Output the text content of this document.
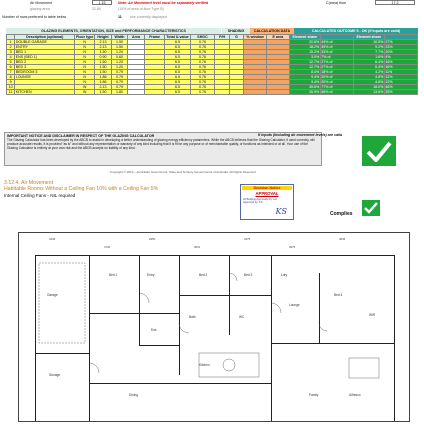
Air Movement	1.15	Note: Air Movement level must be separately verified
glazing area	22.80	(15% of area of floor Type B)
C(area) floor	17.2
Number of rows preferred to table below	11 use currently displayed
GLAZING ELEMENTS, ORIENTATION, SIZE and PERFORMANCE CHARACTERISTICS	SHADING	CALCULATION DATA	CALCULATED OUTCOME 5 - OK (if inputs are valid)
	Description (optional)	Floor type	Height	Width	Area	Frame	Total U-value	SHGC	P/H	G	% window	E area	Element share		Element share	
1	DOUBLE GARAGE	N	2.13	1.50			6.5	0.76					20.6%	44% of	10.5%	27%
2	ENTRY	N	2.13	1.50			6.5	0.76					18.2%	39% of	9.2%	23%
3	BED 1	N	1.50	1.20			6.5	0.76					15.2%	33% of	7.7%	20%
4	ENS (BED 1)	N	0.90	0.60			6.5	0.76					3.0%	7% of	1.6%	4%
5	BED 2	N	1.50	1.20			6.5	0.76					12.7%	27% of	6.4%	16%
6	BED 3	N	1.50	1.20			6.5	0.76					12.7%	27% of	6.4%	16%
7	BEDROOM 3	N	1.50	0.79			6.5	0.76					8.4%	18% of	4.2%	11%
8	LOUNGE	N	1.86	0.79			6.5	0.76					9.4%	20% of	4.8%	12%
9		N	1.86	0.79			6.5	0.76					9.4%	20% of	4.8%	12%
10		W	2.13	0.79			6.5	0.76					35.6%	77% of	18.0%	46%
11	KITCHEN	W	1.50	1.80			6.5	0.76					26.9%	58% of	13.6%	35%
IMPORTANT NOTICE AND DISCLAIMER IN RESPECT OF THE GLAZING CALCULATOR
The Glazing Calculator has been developed by the ABCB to assist in developing a better understanding of glazing energy efficiency parameters. While the ABCB believes that the Glazing Calculator, if used correctly, will produce accurate results, it is provided "as is" and without any representation or warranty of any kind including that it is fit for any purpose or of merchantable quality, or functions as intended or at all. Your use of the Glazing Calculator is entirely at your own risk and the ABCB accepts no liability of any kind.
Copyright © 2010 – Australian Government, State and Territory Governments of Australia. All Rights Reserved
If inputs (including air movement levels) are valid
3.12.4. Air Movement
Habitable Rooms Without a Ceiling Fan 10% with a Ceiling Fan 5%
Internal Ceiling Fans - NIL required
Decision Notice
APPROVAL
All Building Approvals Pty Ltd
Approved by: KS
KS	Complies
4345
4720
2950
3610
3475
4975
3845
Garage
Storage
Entry
Bed 1
Ens
Bed 2	Bed 3
Lounge
Kitchen
Dining	Family
Bath	WC
Ldry
Alfresco
Bed 4
WIR
